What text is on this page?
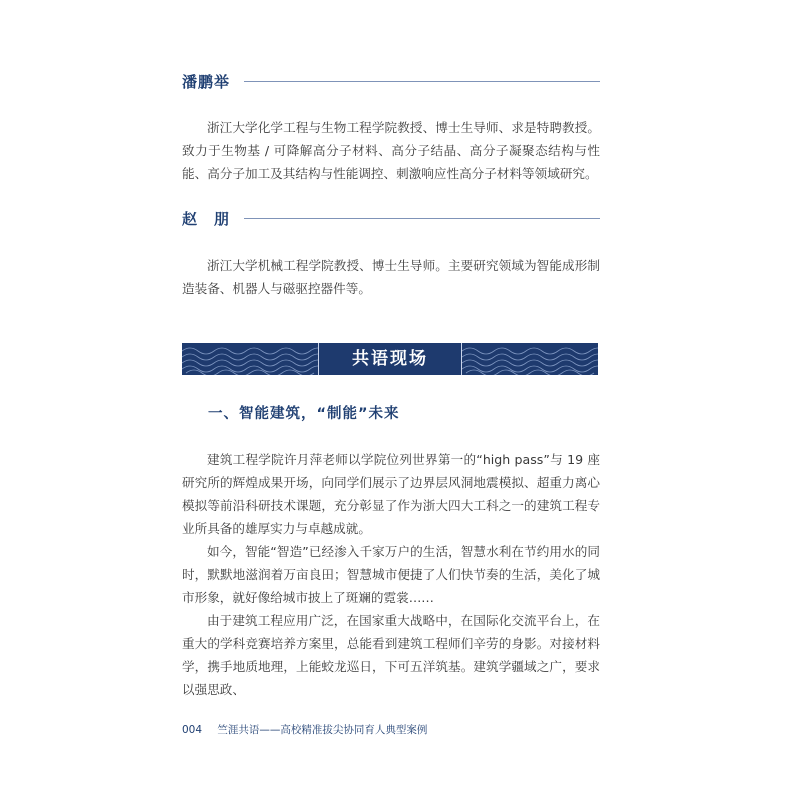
潘鹏举

浙江大学化学工程与生物工程学院教授、博士生导师、求是特聘教授。致力于生物基 / 可降解高分子材料、高分子结晶、高分子凝聚态结构与性能、高分子加工及其结构与性能调控、刺激响应性高分子材料等领域研究。

赵　朋

浙江大学机械工程学院教授、博士生导师。主要研究领域为智能成形制造装备、机器人与磁驱控器件等。

共语现场
一、智能建筑，“制能”未来

建筑工程学院许月萍老师以学院位列世界第一的“high pass”与 19 座研究所的辉煌成果开场，向同学们展示了边界层风洞地震模拟、超重力离心模拟等前沿科研技术课题，充分彰显了作为浙大四大工科之一的建筑工程专业所具备的雄厚实力与卓越成就。

如今，智能“智造”已经渗入千家万户的生活，智慧水利在节约用水的同时，默默地滋润着万亩良田；智慧城市便捷了人们快节奏的生活，美化了城市形象，就好像给城市披上了斑斓的霓裳……

由于建筑工程应用广泛，在国家重大战略中，在国际化交流平台上，在重大的学科竞赛培养方案里，总能看到建筑工程师们辛劳的身影。对接材料学，携手地质地理，上能蛟龙巡日，下可五洋筑基。建筑学疆域之广，要求以强思政、

004 竺涯共语——高校精准拔尖协同育人典型案例
